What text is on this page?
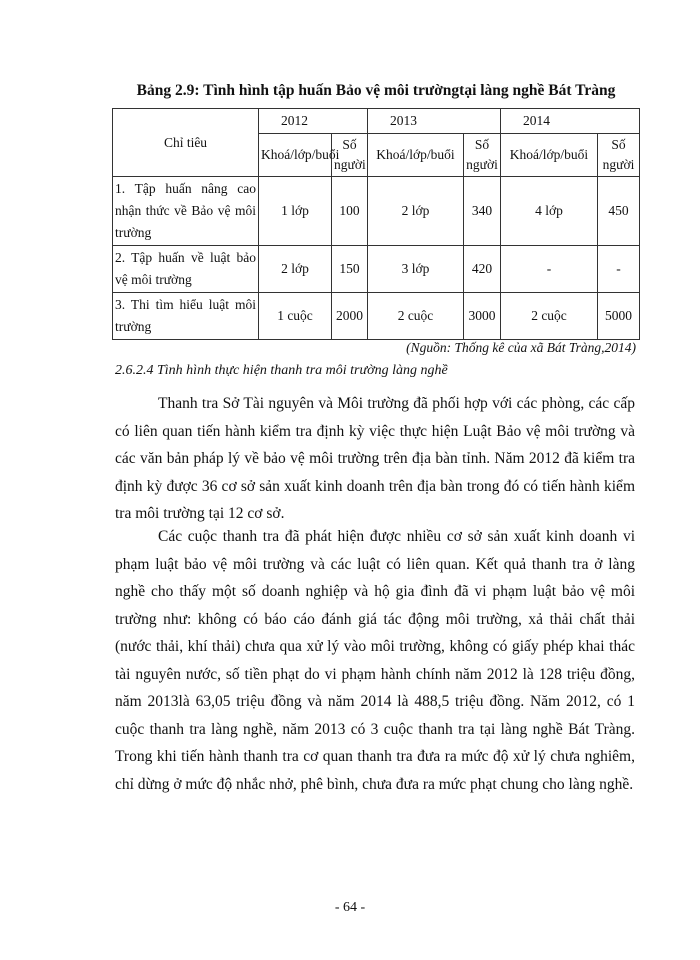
Bảng 2.9: Tình hình tập huấn Bảo vệ môi trườngtại làng nghề Bát Tràng
Chỉ tiêu	2012		2013		2014	
	Khoá/lớp/buổi	Số người	Khoá/lớp/buổi	Số người	Khoá/lớp/buổi	Số người
1. Tập huấn nâng cao nhận thức về Bảo vệ môi trường	1 lớp	100	2 lớp	340	4 lớp	450
2. Tập huấn về luật bảo vệ môi trường	2 lớp	150	3 lớp	420	-	-
3. Thi tìm hiểu luật môi trường	1 cuộc	2000	2 cuộc	3000	2 cuộc	5000
(Nguồn: Thống kê của xã Bát Tràng,2014)
2.6.2.4 Tình hình thực hiện thanh tra môi trường làng nghề

Thanh tra Sở Tài nguyên và Môi trường đã phối hợp với các phòng, các cấp có liên quan tiến hành kiểm tra định kỳ việc thực hiện Luật Bảo vệ môi trường và các văn bản pháp lý về bảo vệ môi trường trên địa bàn tỉnh. Năm 2012 đã kiểm tra định kỳ được 36 cơ sở sản xuất kinh doanh trên địa bàn trong đó có tiến hành kiểm tra môi trường tại 12 cơ sở.

Các cuộc thanh tra đã phát hiện được nhiều cơ sở sản xuất kinh doanh vi phạm luật bảo vệ môi trường và các luật có liên quan. Kết quả thanh tra ở làng nghề cho thấy một số doanh nghiệp và hộ gia đình đã vi phạm luật bảo vệ môi trường như: không có báo cáo đánh giá tác động môi trường, xả thải chất thải (nước thải, khí thải) chưa qua xử lý vào môi trường, không có giấy phép khai thác tài nguyên nước, số tiền phạt do vi phạm hành chính năm 2012 là 128 triệu đồng, năm 2013là 63,05 triệu đồng và năm 2014 là 488,5 triệu đồng. Năm 2012, có 1 cuộc thanh tra làng nghề, năm 2013 có 3 cuộc thanh tra tại làng nghề Bát Tràng. Trong khi tiến hành thanh tra cơ quan thanh tra đưa ra mức độ xử lý chưa nghiêm, chỉ dừng ở mức độ nhắc nhở, phê bình, chưa đưa ra mức phạt chung cho làng nghề.

- 64 -
